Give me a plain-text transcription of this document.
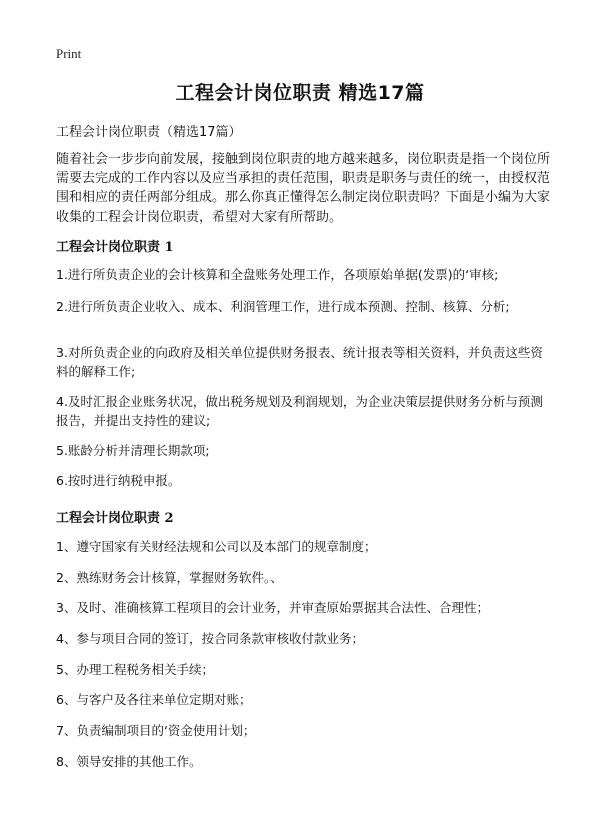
Print
工程会计岗位职责 精选17篇

工程会计岗位职责（精选17篇）

随着社会一步步向前发展，接触到岗位职责的地方越来越多，岗位职责是指一个岗位所需要去完成的工作内容以及应当承担的责任范围，职责是职务与责任的统一，由授权范围和相应的责任两部分组成。那么你真正懂得怎么制定岗位职责吗？下面是小编为大家收集的工程会计岗位职责，希望对大家有所帮助。

工程会计岗位职责 1

1.进行所负责企业的会计核算和全盘账务处理工作，各项原始单据(发票)的‘审核;

2.进行所负责企业收入、成本、利润管理工作，进行成本预测、控制、核算、分析;

3.对所负责企业的向政府及相关单位提供财务报表、统计报表等相关资料，并负责这些资料的解释工作;

4.及时汇报企业账务状况，做出税务规划及利润规划，为企业决策层提供财务分析与预测报告，并提出支持性的建议;

5.账龄分析并清理长期款项;

6.按时进行纳税申报。

工程会计岗位职责 2

1、遵守国家有关财经法规和公司以及本部门的规章制度；

2、熟练财务会计核算，掌握财务软件。、

3、及时、准确核算工程项目的会计业务，并审查原始票据其合法性、合理性；

4、参与项目合同的签订，按合同条款审核收付款业务；

5、办理工程税务相关手续；

6、与客户及各往来单位定期对账；

7、负责编制项目的‘资金使用计划；

8、领导安排的其他工作。
